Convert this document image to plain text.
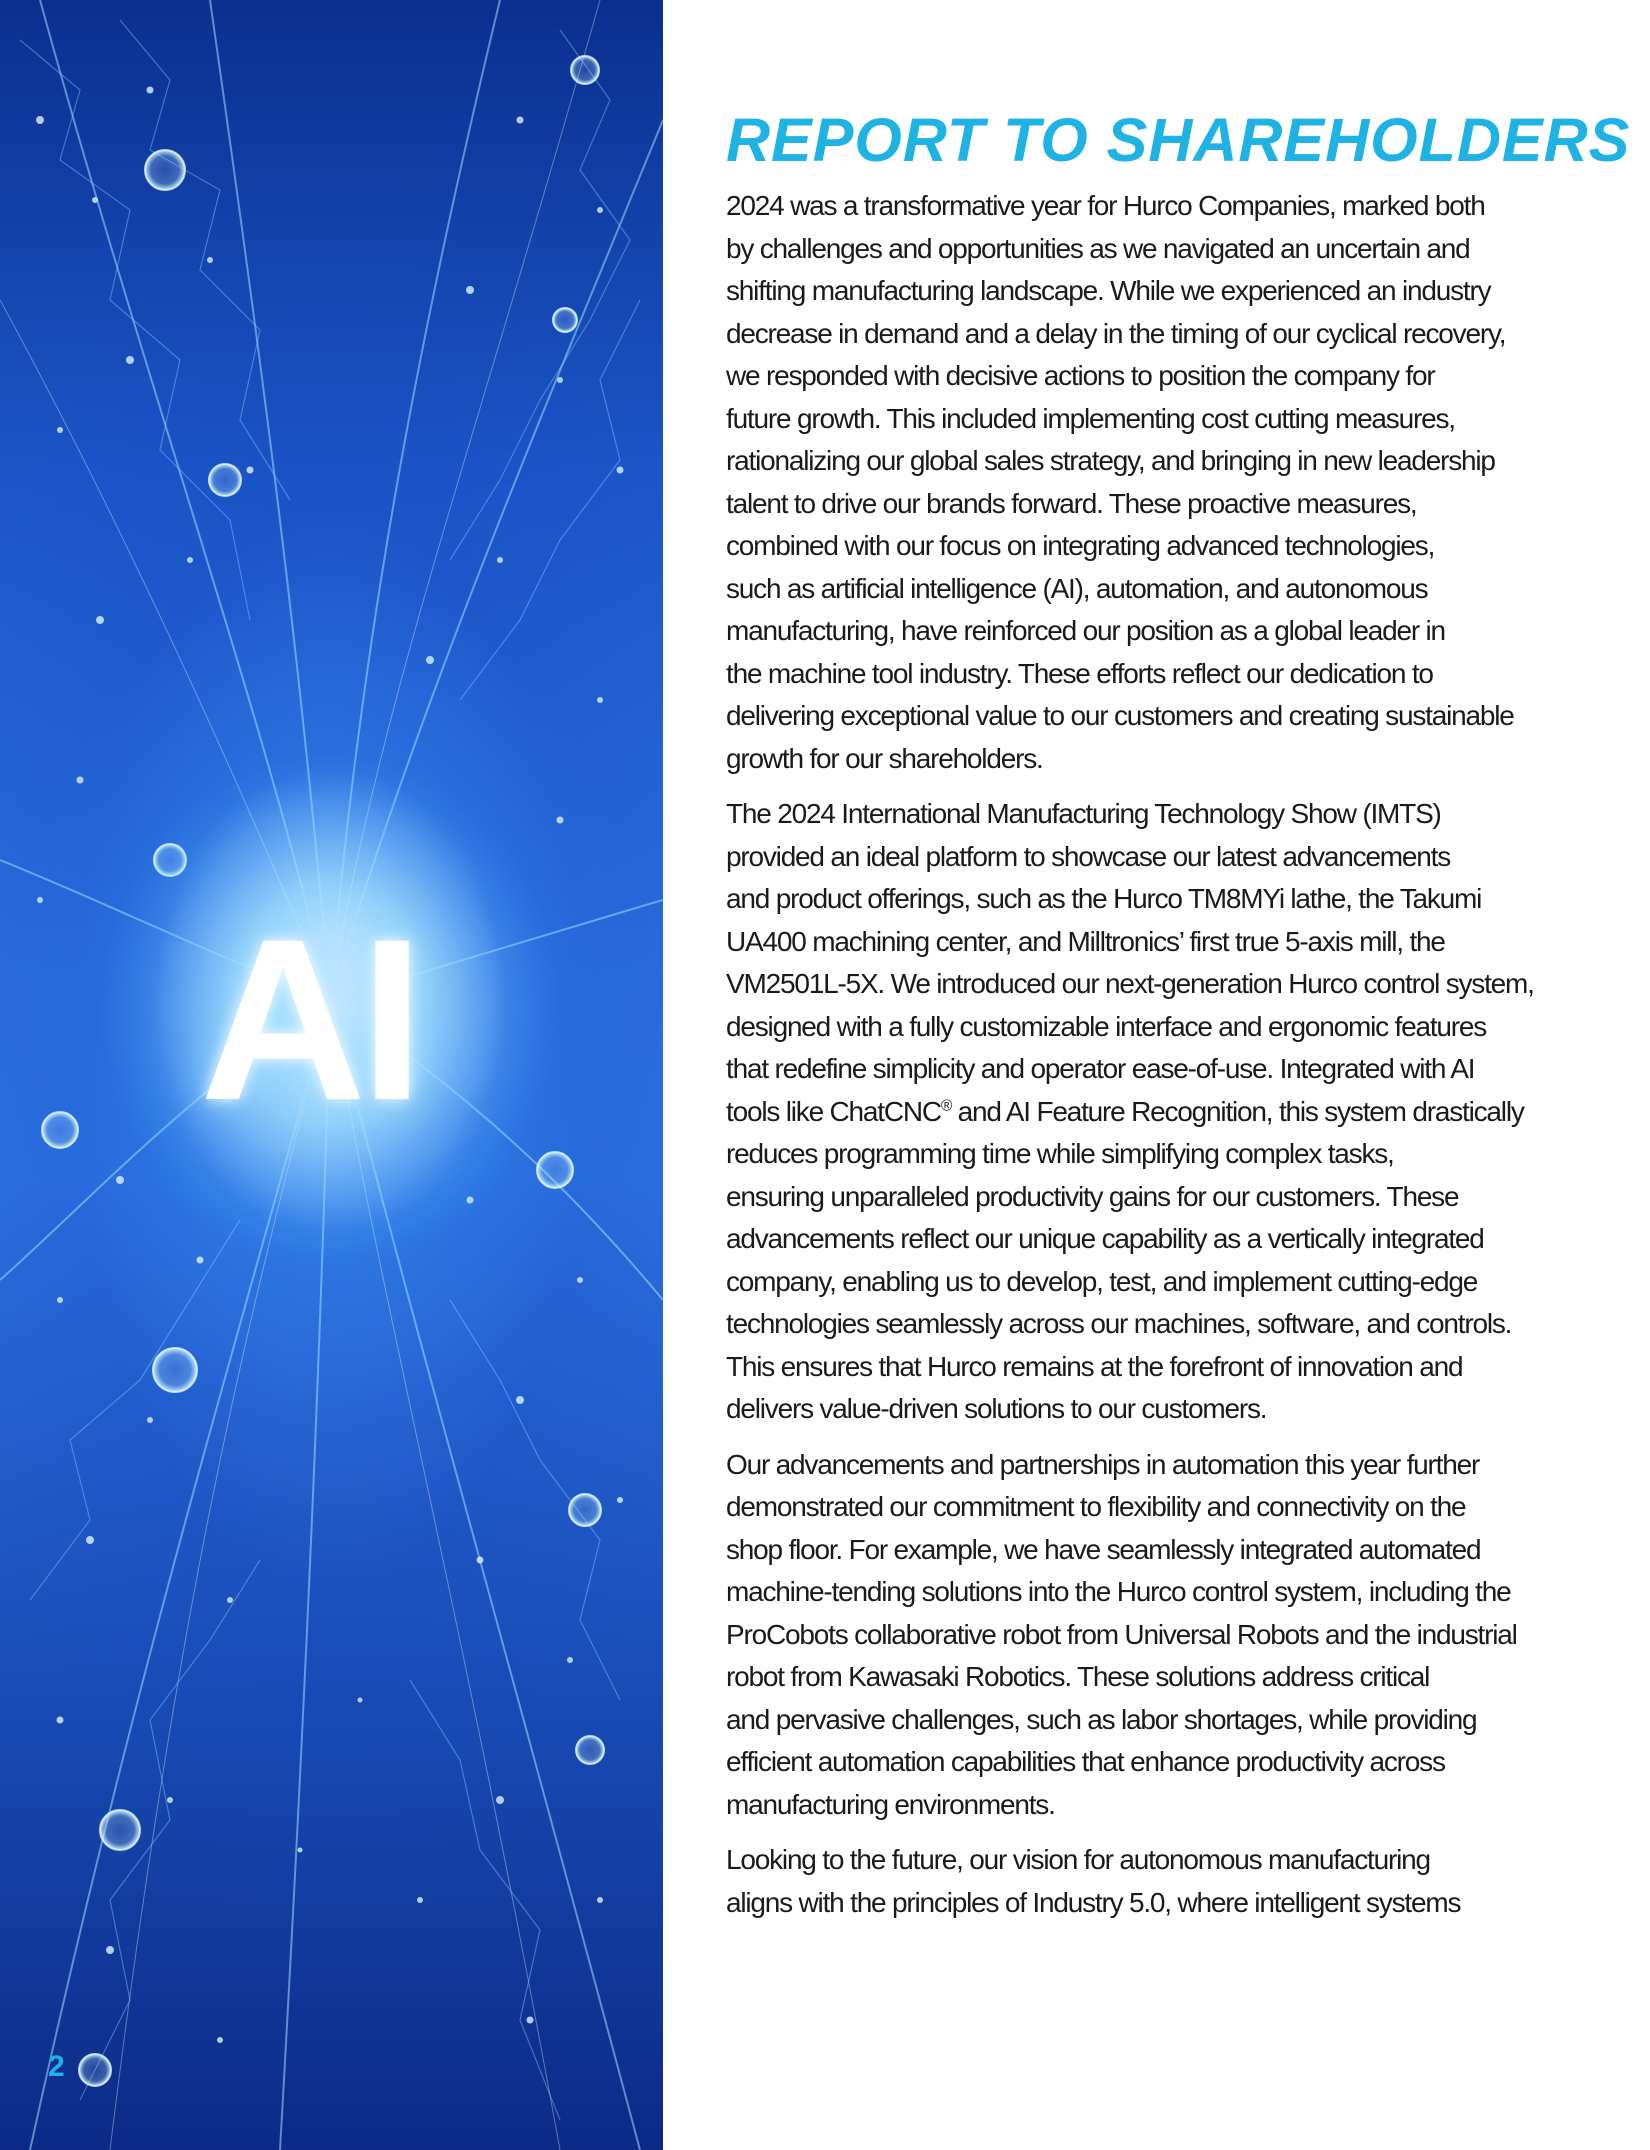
AI
2
REPORT TO SHAREHOLDERS

2024 was a transformative year for Hurco Companies, marked both
by challenges and opportunities as we navigated an uncertain and
shifting manufacturing landscape. While we experienced an industry
decrease in demand and a delay in the timing of our cyclical recovery,
we responded with decisive actions to position the company for
future growth. This included implementing cost cutting measures,
rationalizing our global sales strategy, and bringing in new leadership
talent to drive our brands forward. These proactive measures,
combined with our focus on integrating advanced technologies,
such as artificial intelligence (AI), automation, and autonomous
manufacturing, have reinforced our position as a global leader in
the machine tool industry. These efforts reflect our dedication to
delivering exceptional value to our customers and creating sustainable
growth for our shareholders.

The 2024 International Manufacturing Technology Show (IMTS)
provided an ideal platform to showcase our latest advancements
and product offerings, such as the Hurco TM8MYi lathe, the Takumi
UA400 machining center, and Milltronics’ first true 5-axis mill, the
VM2501L-5X. We introduced our next-generation Hurco control system,
designed with a fully customizable interface and ergonomic features
that redefine simplicity and operator ease-of-use. Integrated with AI
tools like ChatCNC® and AI Feature Recognition, this system drastically
reduces programming time while simplifying complex tasks,
ensuring unparalleled productivity gains for our customers. These
advancements reflect our unique capability as a vertically integrated
company, enabling us to develop, test, and implement cutting-edge
technologies seamlessly across our machines, software, and controls.
This ensures that Hurco remains at the forefront of innovation and
delivers value-driven solutions to our customers.

Our advancements and partnerships in automation this year further
demonstrated our commitment to flexibility and connectivity on the
shop floor. For example, we have seamlessly integrated automated
machine-tending solutions into the Hurco control system, including the
ProCobots collaborative robot from Universal Robots and the industrial
robot from Kawasaki Robotics. These solutions address critical
and pervasive challenges, such as labor shortages, while providing
efficient automation capabilities that enhance productivity across
manufacturing environments.

Looking to the future, our vision for autonomous manufacturing
aligns with the principles of Industry 5.0, where intelligent systems
